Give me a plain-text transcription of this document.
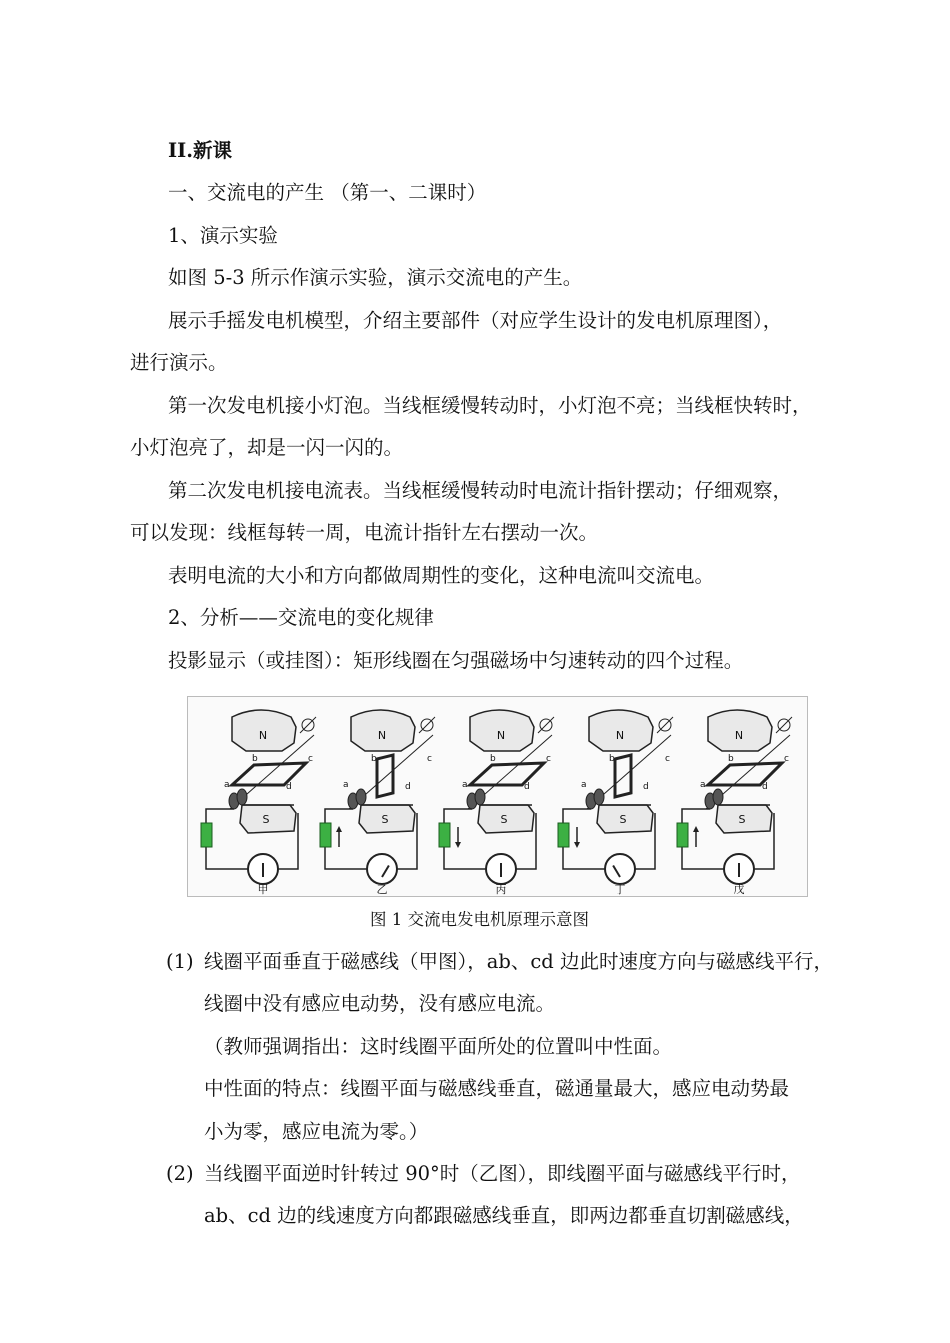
II.新课
一、交流电的产生 （第一、二课时）
1、演示实验
如图 5-3 所示作演示实验，演示交流电的产生。
展示手摇发电机模型，介绍主要部件（对应学生设计的发电机原理图），
进行演示。
第一次发电机接小灯泡。当线框缓慢转动时，小灯泡不亮；当线框快转时，
小灯泡亮了，却是一闪一闪的。
第二次发电机接电流表。当线框缓慢转动时电流计指针摆动；仔细观察，
可以发现：线框每转一周，电流计指针左右摆动一次。
表明电流的大小和方向都做周期性的变化，这种电流叫交流电。
2、分析——交流电的变化规律
投影显示（或挂图）：矩形线圈在匀强磁场中匀速转动的四个过程。
N
S
a
b	c
d
甲
N
S
a
b	c
d
乙
N
S
a
b	c
d
丙
N
S
a
b	c
d
丁
N
S
a
b	c
d
戊
图 1 交流电发电机原理示意图
(1) 线圈平面垂直于磁感线（甲图），ab、cd 边此时速度方向与磁感线平行，
线圈中没有感应电动势，没有感应电流。
（教师强调指出：这时线圈平面所处的位置叫中性面。
中性面的特点：线圈平面与磁感线垂直，磁通量最大，感应电动势最
小为零，感应电流为零。）
(2) 当线圈平面逆时针转过 90°时（乙图），即线圈平面与磁感线平行时，
ab、cd 边的线速度方向都跟磁感线垂直，即两边都垂直切割磁感线，
